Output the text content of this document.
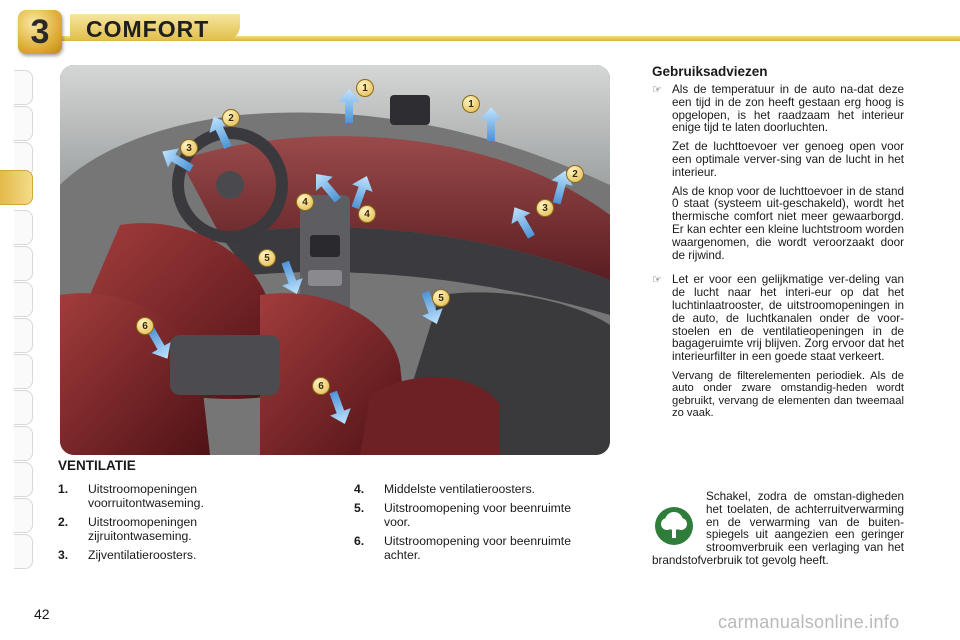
3	COMFORT
1
1
2
2
3
3
4
4
5
5
6
6
VENTILATIE
1.	Uitstroomopeningen voorruitontwaseming.
2.	Uitstroomopeningen zijruitontwaseming.
3.	Zijventilatieroosters.
4.	Middelste ventilatieroosters.
5.	Uitstroomopening voor beenruimte voor.
6.	Uitstroomopening voor beenruimte achter.
Gebruiksadviezen
☞ Als de temperatuur in de auto na-dat deze een tijd in de zon heeft gestaan erg hoog is opgelopen, is het raadzaam het interieur enige tijd te laten doorluchten.

Zet de luchttoevoer ver genoeg open voor een optimale verver-sing van de lucht in het interieur.

Als de knop voor de luchttoevoer in de stand 0 staat (systeem uit-geschakeld), wordt het thermische comfort niet meer gewaarborgd. Er kan echter een kleine luchtstroom worden waargenomen, die wordt veroorzaakt door de rijwind.

☞ Let er voor een gelijkmatige ver-deling van de lucht naar het interi-eur op dat het luchtinlaatrooster, de uitstroomopeningen in de auto, de luchtkanalen onder de voor-stoelen en de ventilatieopeningen in de bagageruimte vrij blijven. Zorg ervoor dat het interieurfilter in een goede staat verkeert.

Vervang de filterelementen periodiek. Als de auto onder zware omstandig-heden wordt gebruikt, vervang de elementen dan tweemaal zo vaak.

Schakel, zodra de omstan-digheden het toelaten, de achterruitverwarming en de verwarming van de buiten-spiegels uit aangezien een geringer stroomverbruik een verlaging van het brandstofverbruik tot gevolg heeft.
42	carmanualsonline.info
